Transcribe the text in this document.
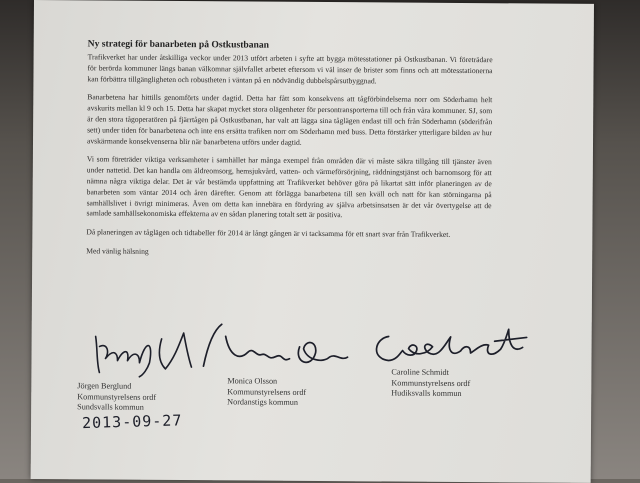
Ny strategi för banarbeten på Ostkustbanan

Trafikverket har under åtskilliga veckor under 2013 utfört arbeten i syfte att bygga mötesstationer på Ostkustbanan. Vi företrädare för berörda kommuner längs banan välkomnar självfallet arbetet eftersom vi väl inser de brister som finns och att mötesstationerna kan förbättra tillgängligheten och robustheten i väntan på en nödvändig dubbelspårsutbyggnad.

Banarbetena har hittills genomförts under dagtid. Detta har fått som konsekvens att tågförbindelserna norr om Söderhamn helt avskurits mellan kl 9 och 15. Detta har skapat mycket stora olägenheter för persontransporterna till och från våra kommuner. SJ, som är den stora tågoperatören på fjärrtågen på Ostkustbanan, har valt att lägga sina tåglägen endast till och från Söderhamn (söderifrån sett) under tiden för banarbetena och inte ens ersätta trafiken norr om Söderhamn med buss. Detta förstärker ytterligare bilden av hur avskärmande konsekvenserna blir när banarbetena utförs under dagtid.

Vi som företräder viktiga verksamheter i samhället har många exempel från områden där vi måste säkra tillgång till tjänster även under nattetid. Det kan handla om äldreomsorg, hemsjukvård, vatten- och värmeförsörjning, räddningstjänst och barnomsorg för att nämna några viktiga delar. Det är vår bestämda uppfattning att Trafikverket behöver göra på likartat sätt inför planeringen av de banarbeten som väntar 2014 och åren därefter. Genom att förlägga banarbetena till sen kväll och natt för kan störningarna på samhällslivet i övrigt minimeras. Även om detta kan innebära en fördyring av själva arbetsinsatsen är det vår övertygelse att de samlade samhällsekonomiska effekterna av en sådan planering totalt sett är positiva.

Då planeringen av tåglägen och tidtabeller för 2014 är långt gången är vi tacksamma för ett snart svar från Trafikverket.

Med vänlig hälsning

Jörgen Berglund
Kommunstyrelsens ordf
Sundsvalls kommun
Monica Olsson
Kommunstyrelsens ordf
Nordanstigs kommun
Caroline Schmidt
Kommunstyrelsens ordf
Hudiksvalls kommun
2013-09-27
